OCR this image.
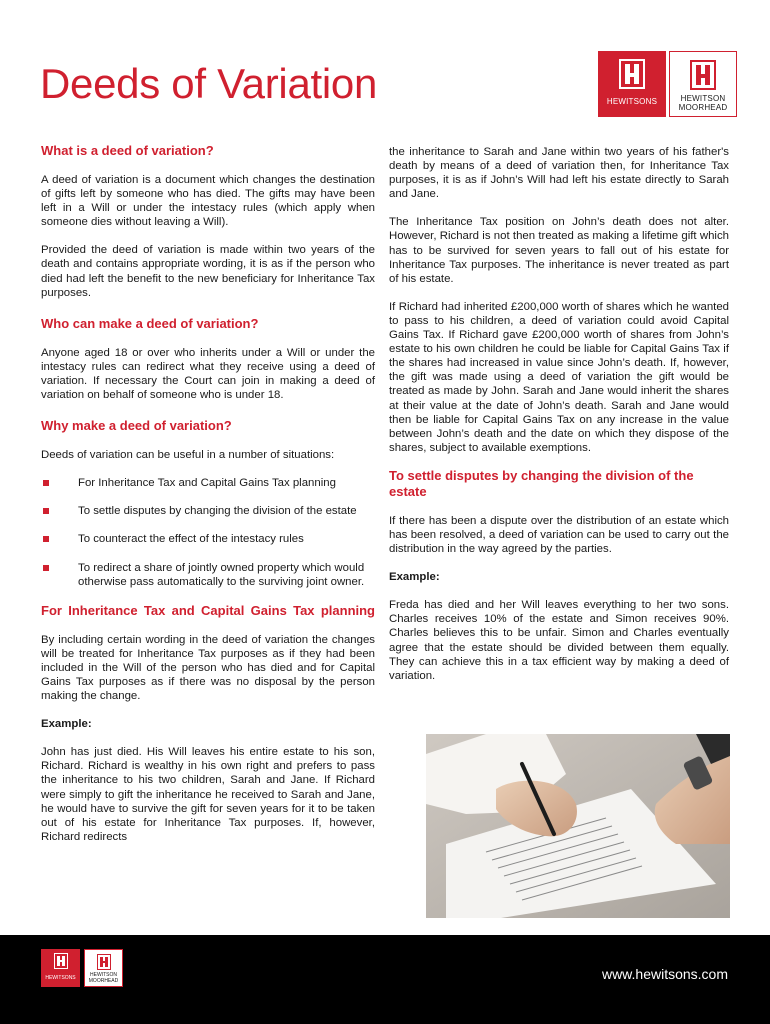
Deeds of Variation	HEWITSONS	HEWITSON
MOORHEAD
What is a deed of variation?

A deed of variation is a document which changes the destination of gifts left by someone who has died. The gifts may have been left in a Will or under the intestacy rules (which apply when someone dies without leaving a Will).

Provided the deed of variation is made within two years of the death and contains appropriate wording, it is as if the person who died had left the benefit to the new beneficiary for Inheritance Tax purposes.

Who can make a deed of variation?

Anyone aged 18 or over who inherits under a Will or under the intestacy rules can redirect what they receive using a deed of variation. If necessary the Court can join in making a deed of variation on behalf of someone who is under 18.

Why make a deed of variation?

Deeds of variation can be useful in a number of situations:

For Inheritance Tax and Capital Gains Tax planning
To settle disputes by changing the division of the estate
To counteract the effect of the intestacy rules
To redirect a share of jointly owned property which would otherwise pass automatically to the surviving joint owner.
For Inheritance Tax and Capital Gains Tax planning

By including certain wording in the deed of variation the changes will be treated for Inheritance Tax purposes as if they had been included in the Will of the person who has died and for Capital Gains Tax purposes as if there was no disposal by the person making the change.

Example:

John has just died. His Will leaves his entire estate to his son, Richard. Richard is wealthy in his own right and prefers to pass the inheritance to his two children, Sarah and Jane. If Richard were simply to gift the inheritance he received to Sarah and Jane, he would have to survive the gift for seven years for it to be taken out of his estate for Inheritance Tax purposes. If, however, Richard redirects

the inheritance to Sarah and Jane within two years of his father's death by means of a deed of variation then, for Inheritance Tax purposes, it is as if John’s Will had left his estate directly to Sarah and Jane.

The Inheritance Tax position on John’s death does not alter. However, Richard is not then treated as making a lifetime gift which has to be survived for seven years to fall out of his estate for Inheritance Tax purposes. The inheritance is never treated as part of his estate.

If Richard had inherited £200,000 worth of shares which he wanted to pass to his children, a deed of variation could avoid Capital Gains Tax. If Richard gave £200,000 worth of shares from John’s estate to his own children he could be liable for Capital Gains Tax if the shares had increased in value since John’s death. If, however, the gift was made using a deed of variation the gift would be treated as made by John. Sarah and Jane would inherit the shares at their value at the date of John’s death. Sarah and Jane would then be liable for Capital Gains Tax on any increase in the value between John’s death and the date on which they dispose of the shares, subject to available exemptions.

To settle disputes by changing the division of the estate

If there has been a dispute over the distribution of an estate which has been resolved, a deed of variation can be used to carry out the distribution in the way agreed by the parties.

Example:

Freda has died and her Will leaves everything to her two sons. Charles receives 10% of the estate and Simon receives 90%. Charles believes this to be unfair. Simon and Charles eventually agree that the estate should be divided between them equally. They can achieve this in a tax efficient way by making a deed of variation.

HEWITSONS	HEWITSON
MOORHEAD	www.hewitsons.com
